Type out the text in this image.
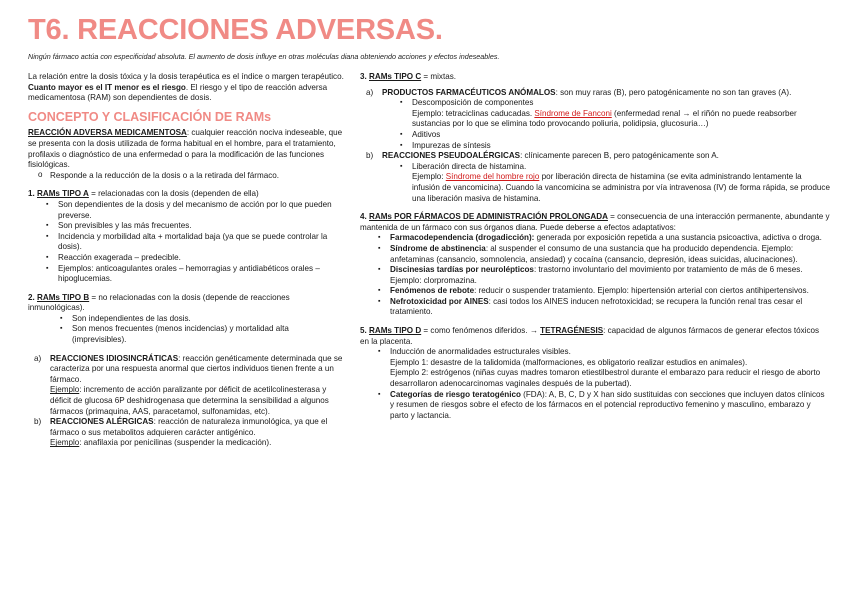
T6. REACCIONES ADVERSAS.
Ningún fármaco actúa con especificidad absoluta. El aumento de dosis influye en otras moléculas diana obteniendo acciones y efectos indeseables.

La relación entre la dosis tóxica y la dosis terapéutica es el índice o margen terapéutico. Cuanto mayor es el IT menor es el riesgo. El riesgo y el tipo de reacción adversa medicamentosa (RAM) son dependientes de dosis.

CONCEPTO Y CLASIFICACIÓN DE RAMs

REACCIÓN ADVERSA MEDICAMENTOSA: cualquier reacción nociva indeseable, que se presenta con la dosis utilizada de forma habitual en el hombre, para el tratamiento, profilaxis o diagnóstico de una enfermedad o para la modificación de las funciones fisiológicas.

o Responde a la reducción de la dosis o a la retirada del fármaco.

1. RAMs TIPO A = relacionadas con la dosis (dependen de ella)

▪ Son dependientes de la dosis y del mecanismo de acción por lo que pueden preverse.
▪ Son previsibles y las más frecuentes.
▪ Incidencia y morbilidad alta + mortalidad baja (ya que se puede controlar la dosis).
▪ Reacción exagerada – predecible.
▪ Ejemplos: anticoagulantes orales – hemorragias y antidiabéticos orales – hipoglucemias.

2. RAMs TIPO B = no relacionadas con la dosis (depende de reacciones inmunológicas).

▪ Son independientes de las dosis.
▪ Son menos frecuentes (menos incidencias) y mortalidad alta (imprevisibles).
a) REACCIONES IDIOSINCRÁTICAS: reacción genéticamente determinada que se caracteriza por una respuesta anormal que ciertos individuos tienen frente a un fármaco.

Ejemplo: incremento de acción paralizante por déficit de acetilcolinesterasa y déficit de glucosa 6P deshidrogenasa que determina la sensibilidad a algunos fármacos (primaquina, AAS, paracetamol, sulfonamidas, etc).

b) REACCIONES ALÉRGICAS: reacción de naturaleza inmunológica, ya que el fármaco o sus metabolitos adquieren carácter antigénico.

Ejemplo: anafilaxia por penicilinas (suspender la medicación).

3. RAMs TIPO C = mixtas.

a) PRODUCTOS FARMACÉUTICOS ANÓMALOS: son muy raras (B), pero patogénicamente no son tan graves (A).

▪ Descomposición de componentes
Ejemplo: tetraciclinas caducadas. Síndrome de Fanconi (enfermedad renal → el riñón no puede reabsorber sustancias por lo que se elimina todo provocando poliuria, polidipsia, glucosuria…)
▪ Aditivos
▪ Impurezas de síntesis
b) REACCIONES PSEUDOALÉRGICAS: clínicamente parecen B, pero patogénicamente son A.

▪ Liberación directa de histamina.
Ejemplo: Síndrome del hombre rojo por liberación directa de histamina (se evita administrando lentamente la infusión de vancomicina). Cuando la vancomicina se administra por vía intravenosa (IV) de forma rápida, se produce una liberación masiva de histamina.

4. RAMs POR FÁRMACOS DE ADMINISTRACIÓN PROLONGADA = consecuencia de una interacción permanente, abundante y mantenida de un fármaco con sus órganos diana. Puede deberse a efectos adaptativos:

▪ Farmacodependencia (drogadicción): generada por exposición repetida a una sustancia psicoactiva, adictiva o droga.
▪ Síndrome de abstinencia: al suspender el consumo de una sustancia que ha producido dependencia. Ejemplo: anfetaminas (cansancio, somnolencia, ansiedad) y cocaína (cansancio, depresión, ideas suicidas, alucinaciones).
▪ Discinesias tardías por neurolépticos: trastorno involuntario del movimiento por tratamiento de más de 6 meses. Ejemplo: clorpromazina.
▪ Fenómenos de rebote: reducir o suspender tratamiento. Ejemplo: hipertensión arterial con ciertos antihipertensivos.
▪ Nefrotoxicidad por AINES: casi todos los AINES inducen nefrotoxicidad; se recupera la función renal tras cesar el tratamiento.

5. RAMs TIPO D = como fenómenos diferidos. → TETRAGÉNESIS: capacidad de algunos fármacos de generar efectos tóxicos en la placenta.

▪ Inducción de anormalidades estructurales visibles.
Ejemplo 1: desastre de la talidomida (malformaciones, es obligatorio realizar estudios en animales).
Ejemplo 2: estrógenos (niñas cuyas madres tomaron etiestilbestrol durante el embarazo para reducir el riesgo de aborto desarrollaron adenocarcinomas vaginales después de la pubertad).
▪ Categorías de riesgo teratogénico (FDA): A, B, C, D y X han sido sustituidas con secciones que incluyen datos clínicos y resumen de riesgos sobre el efecto de los fármacos en el potencial reproductivo femenino y masculino, embarazo y parto y lactancia.
